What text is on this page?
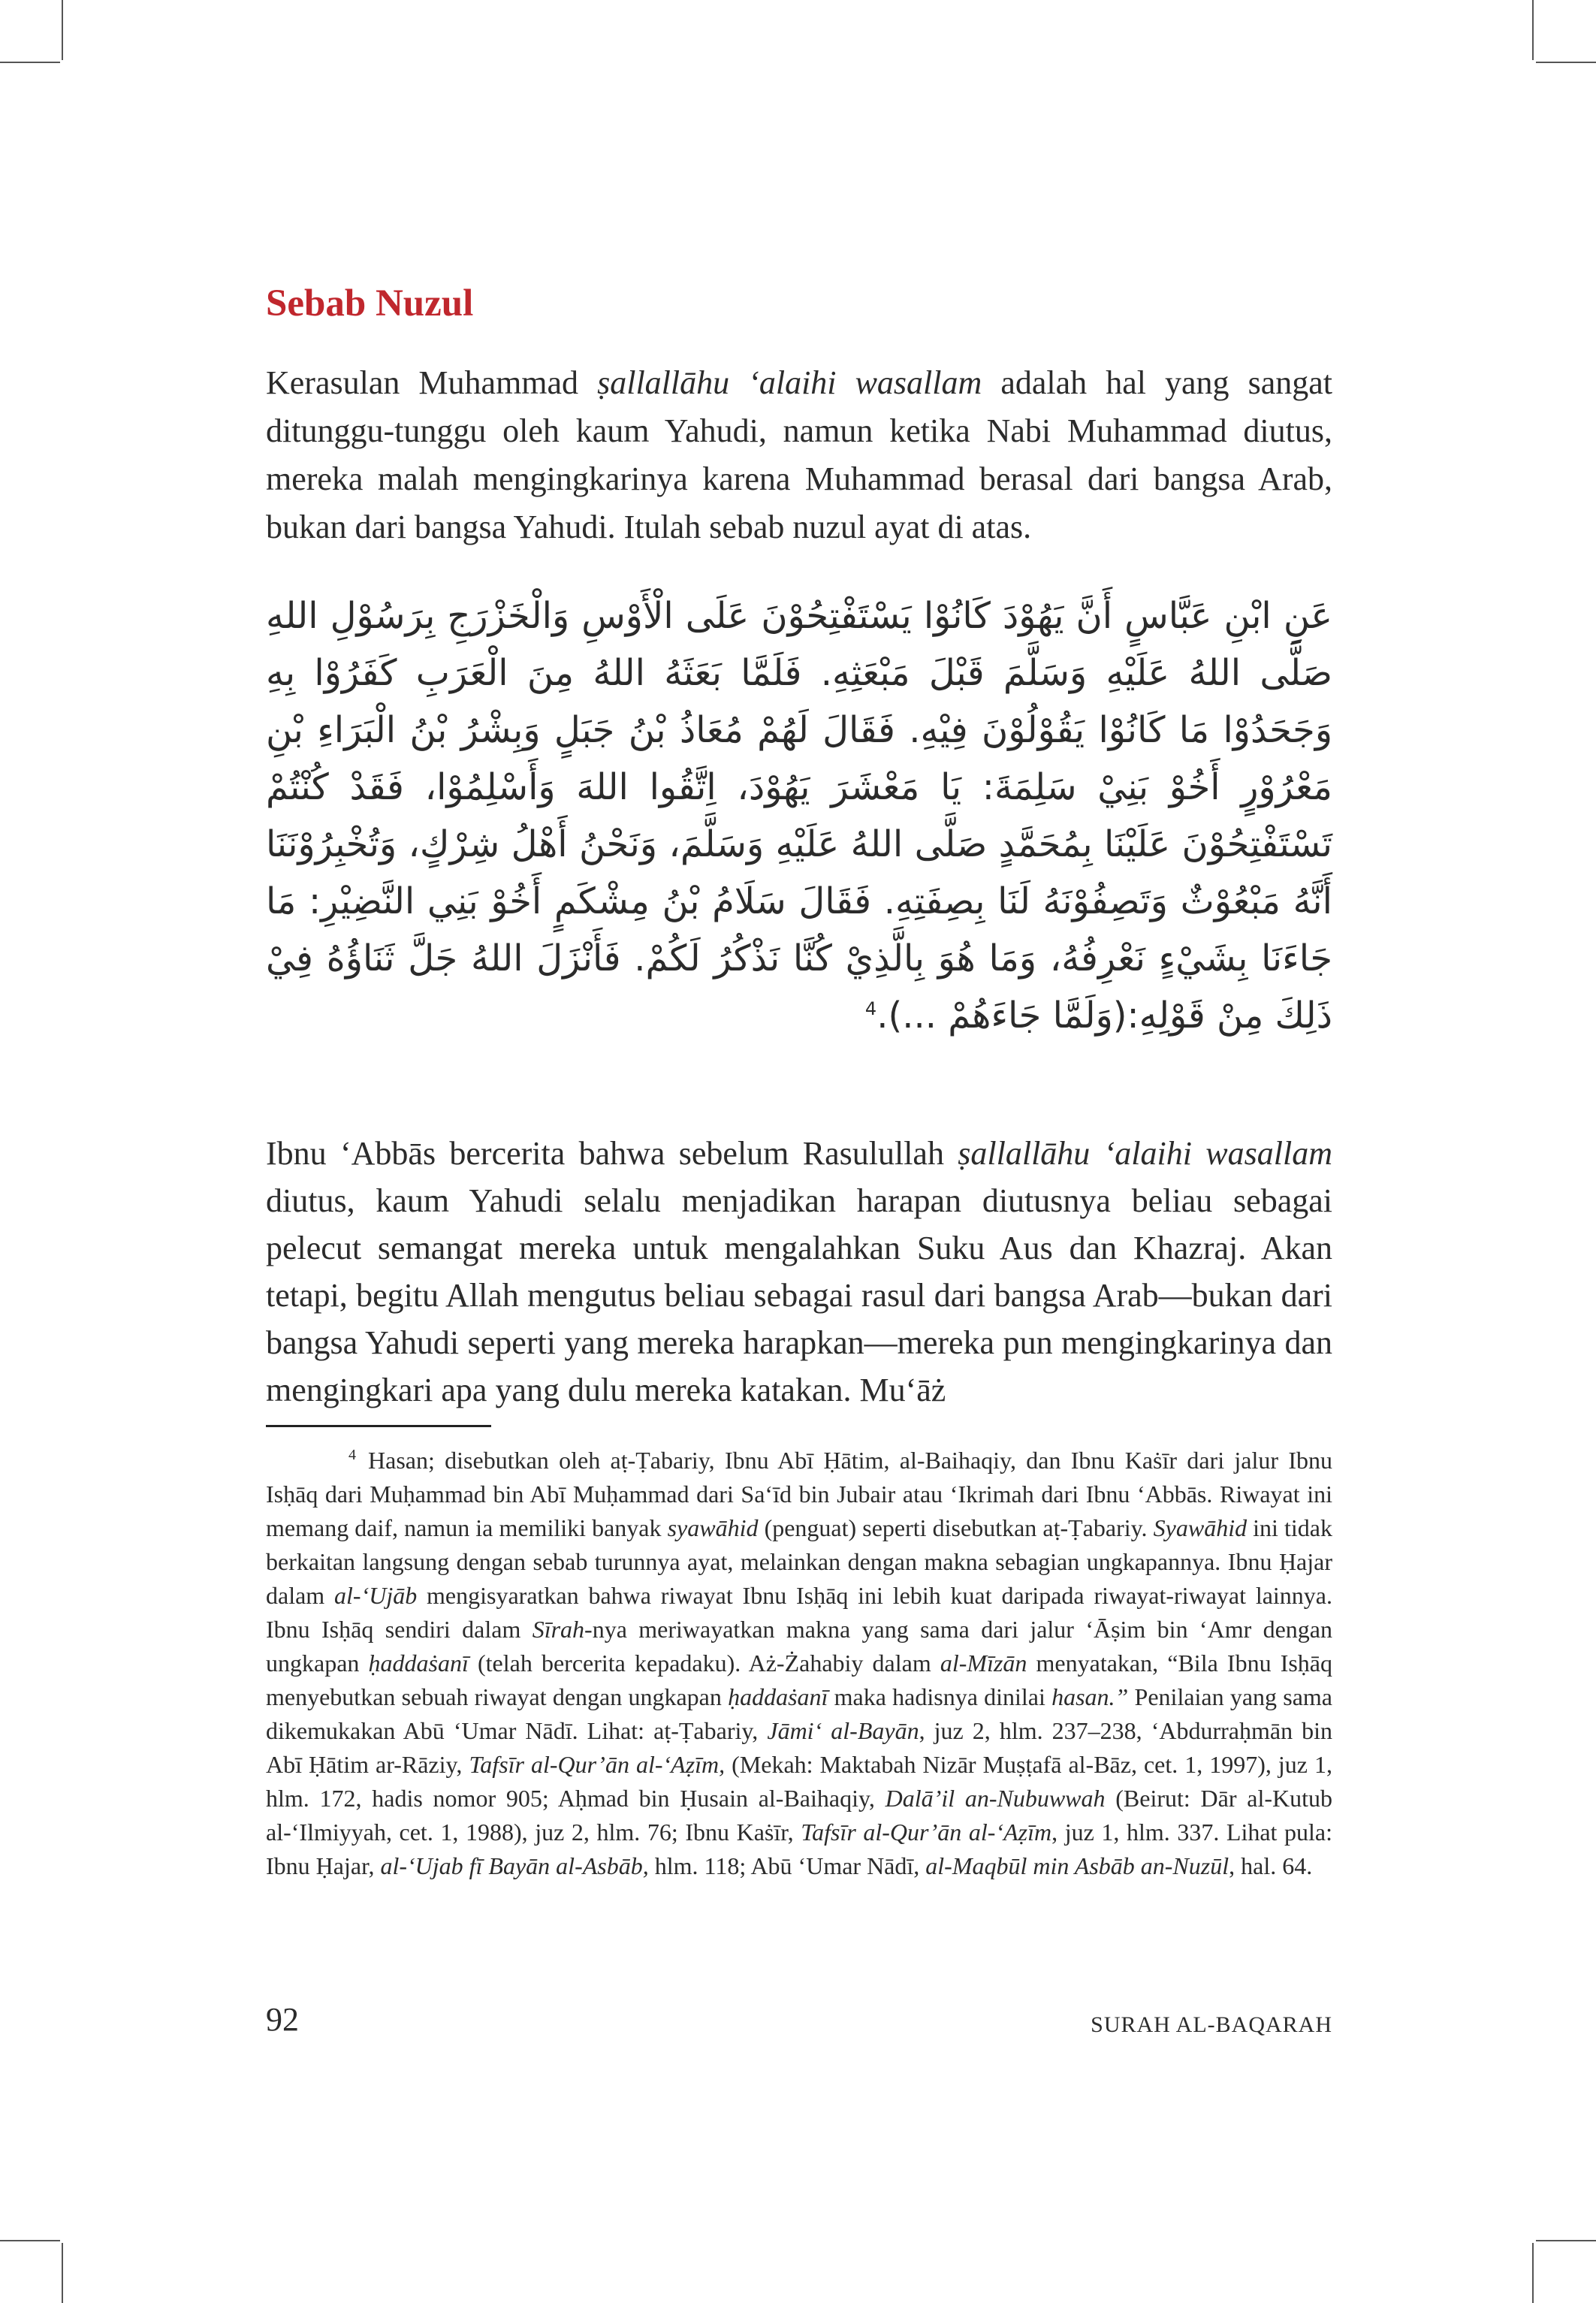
Sebab Nuzul

Kerasulan Muhammad ṣallallāhu ‘alaihi wasallam adalah hal yang sangat ditunggu-tunggu oleh kaum Yahudi, namun ketika Nabi Muhammad diutus, mereka malah mengingkarinya karena Muhammad berasal dari bangsa Arab, bukan dari bangsa Yahudi. Itulah sebab nuzul ayat di atas.

عَنِ ابْنِ عَبَّاسٍ أَنَّ يَهُوْدَ كَانُوْا يَسْتَفْتِحُوْنَ عَلَى الْأَوْسِ وَالْخَزْرَجِ بِرَسُوْلِ اللهِ صَلَّى اللهُ عَلَيْهِ وَسَلَّمَ قَبْلَ مَبْعَثِهِ. فَلَمَّا بَعَثَهُ اللهُ مِنَ الْعَرَبِ كَفَرُوْا بِهِ وَجَحَدُوْا مَا كَانُوْا يَقُوْلُوْنَ فِيْهِ. فَقَالَ لَهُمْ مُعَاذُ بْنُ جَبَلٍ وَبِشْرُ بْنُ الْبَرَاءِ بْنِ مَعْرُوْرٍ أَخُوْ بَنِيْ سَلِمَةَ: يَا مَعْشَرَ يَهُوْدَ، اِتَّقُوا اللهَ وَأَسْلِمُوْا، فَقَدْ كُنْتُمْ تَسْتَفْتِحُوْنَ عَلَيْنَا بِمُحَمَّدٍ صَلَّى اللهُ عَلَيْهِ وَسَلَّمَ، وَنَحْنُ أَهْلُ شِرْكٍ، وَتُخْبِرُوْنَنَا أَنَّهُ مَبْعُوْثٌ وَتَصِفُوْنَهُ لَنَا بِصِفَتِهِ. فَقَالَ سَلَامُ بْنُ مِشْكَمٍ أَخُوْ بَنِي النَّضِيْرِ: مَا جَاءَنَا بِشَيْءٍ نَعْرِفُهُ، وَمَا هُوَ بِالَّذِيْ كُنَّا نَذْكُرُ لَكُمْ. فَأَنْزَلَ اللهُ جَلَّ ثَنَاؤُهُ فِيْ ذَلِكَ مِنْ قَوْلِهِ:(وَلَمَّا جَاءَهُمْ ...).$^4$

Ibnu ‘Abbās bercerita bahwa sebelum Rasulullah ṣallallāhu ‘alaihi wasallam diutus, kaum Yahudi selalu menjadikan harapan diutusnya beliau sebagai pelecut semangat mereka untuk mengalahkan Suku Aus dan Khazraj. Akan tetapi, begitu Allah mengutus beliau sebagai rasul dari bangsa Arab—bukan dari bangsa Yahudi seperti yang mereka harapkan—mereka pun mengingkarinya dan mengingkari apa yang dulu mereka katakan. Mu‘āż

$^4$ Hasan; disebutkan oleh aṭ-Ṭabariy, Ibnu Abī Ḥātim, al-Baihaqiy, dan Ibnu Kaṡīr dari jalur Ibnu Isḥāq dari Muḥammad bin Abī Muḥammad dari Sa‘īd bin Jubair atau ‘Ikrimah dari Ibnu ‘Abbās. Riwayat ini memang daif, namun ia memiliki banyak syawāhid (penguat) seperti disebutkan aṭ-Ṭabariy. Syawāhid ini tidak berkaitan langsung dengan sebab turunnya ayat, melainkan dengan makna sebagian ungkapannya. Ibnu Ḥajar dalam al-‘Ujāb mengisyaratkan bahwa riwayat Ibnu Isḥāq ini lebih kuat daripada riwayat-riwayat lainnya. Ibnu Isḥāq sendiri dalam Sīrah-nya meriwayatkan makna yang sama dari jalur ‘Āṣim bin ‘Amr dengan ungkapan ḥaddaṡanī (telah bercerita kepadaku). Aż-Żahabiy dalam al-Mīzān menyatakan, “Bila Ibnu Isḥāq menyebutkan sebuah riwayat dengan ungkapan ḥaddaṡanī maka hadisnya dinilai hasan.” Penilaian yang sama dikemukakan Abū ‘Umar Nādī. Lihat: aṭ-Ṭabariy, Jāmi‘ al-Bayān, juz 2, hlm. 237–238, ‘Abdurraḥmān bin Abī Ḥātim ar-Rāziy, Tafsīr al-Qur’ān al-‘Aẓīm, (Mekah: Maktabah Nizār Muṣṭafā al-Bāz, cet. 1, 1997), juz 1, hlm. 172, hadis nomor 905; Aḥmad bin Ḥusain al-Baihaqiy, Dalā’il an-Nubuwwah (Beirut: Dār al-Kutub al-‘Ilmiyyah, cet. 1, 1988), juz 2, hlm. 76; Ibnu Kaṡīr, Tafsīr al-Qur’ān al-‘Aẓīm, juz 1, hlm. 337. Lihat pula: Ibnu Ḥajar, al-‘Ujab fī Bayān al-Asbāb, hlm. 118; Abū ‘Umar Nādī, al-Maqbūl min Asbāb an-Nuzūl, hal. 64.

92	SURAH AL-BAQARAH
